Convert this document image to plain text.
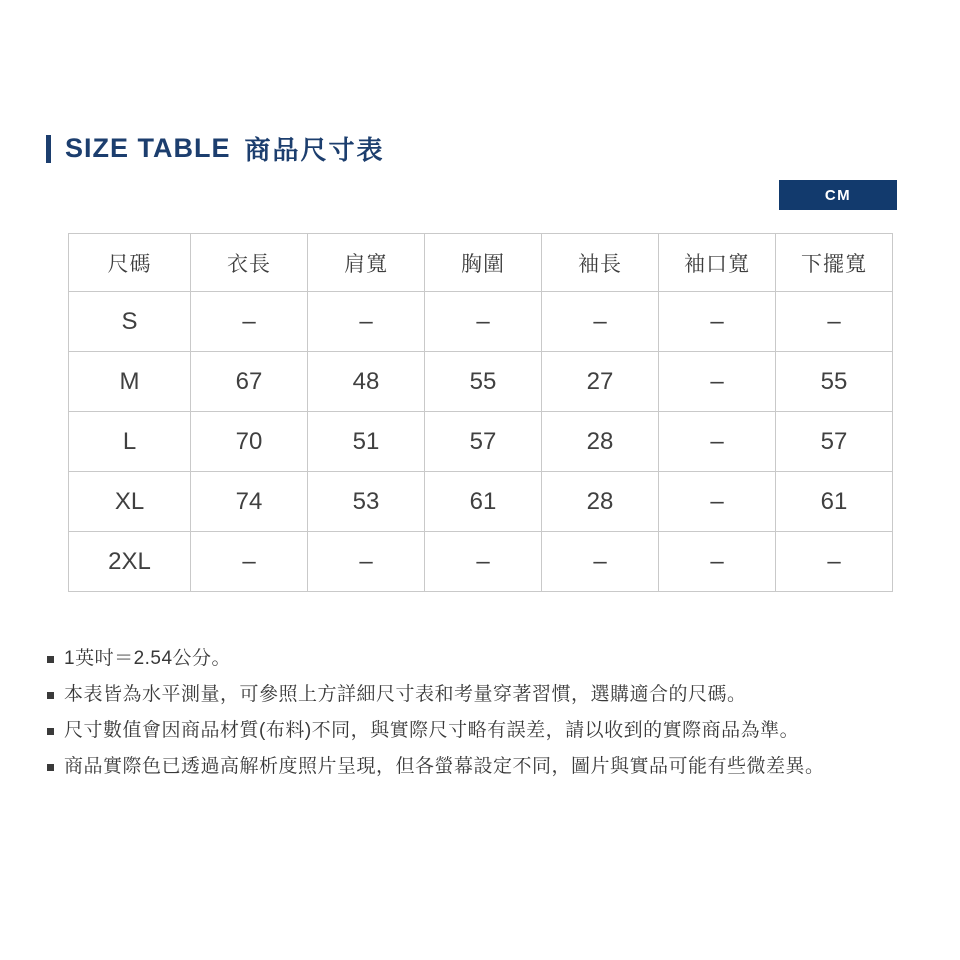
SIZE TABLE 商品尺寸表
CM
尺碼	衣長	肩寬	胸圍	袖長	袖口寬	下擺寬
S	–	–	–	–	–	–
M	67	48	55	27	–	55
L	70	51	57	28	–	57
XL	74	53	61	28	–	61
2XL	–	–	–	–	–	–
1英吋＝2.54公分。
本表皆為水平測量，可參照上方詳細尺寸表和考量穿著習慣，選購適合的尺碼。
尺寸數值會因商品材質(布料)不同，與實際尺寸略有誤差，請以收到的實際商品為準。
商品實際色已透過高解析度照片呈現，但各螢幕設定不同，圖片與實品可能有些微差異。
